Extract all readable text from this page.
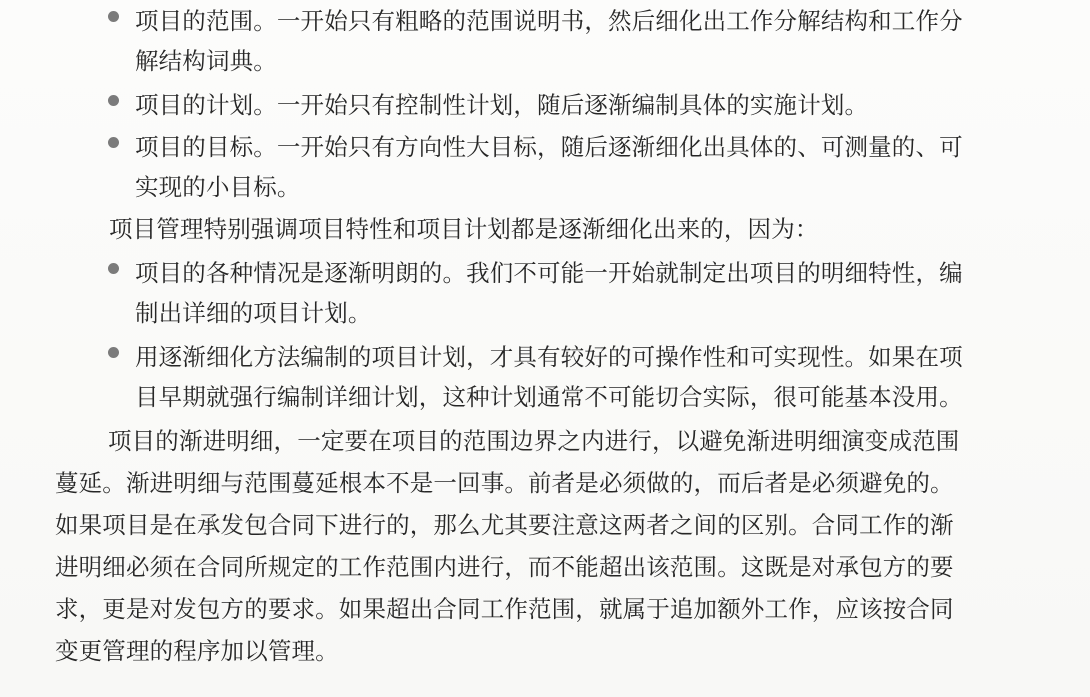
项目的范围。一开始只有粗略的范围说明书，然后细化出工作分解结构和工作分
解结构词典。
项目的计划。一开始只有控制性计划，随后逐渐编制具体的实施计划。
项目的目标。一开始只有方向性大目标，随后逐渐细化出具体的、可测量的、可
实现的小目标。
项目管理特别强调项目特性和项目计划都是逐渐细化出来的，因为：
项目的各种情况是逐渐明朗的。我们不可能一开始就制定出项目的明细特性，编
制出详细的项目计划。
用逐渐细化方法编制的项目计划，才具有较好的可操作性和可实现性。如果在项
目早期就强行编制详细计划，这种计划通常不可能切合实际，很可能基本没用。
项目的渐进明细，一定要在项目的范围边界之内进行，以避免渐进明细演变成范围
蔓延。渐进明细与范围蔓延根本不是一回事。前者是必须做的，而后者是必须避免的。
如果项目是在承发包合同下进行的，那么尤其要注意这两者之间的区别。合同工作的渐
进明细必须在合同所规定的工作范围内进行，而不能超出该范围。这既是对承包方的要
求，更是对发包方的要求。如果超出合同工作范围，就属于追加额外工作，应该按合同
变更管理的程序加以管理。
